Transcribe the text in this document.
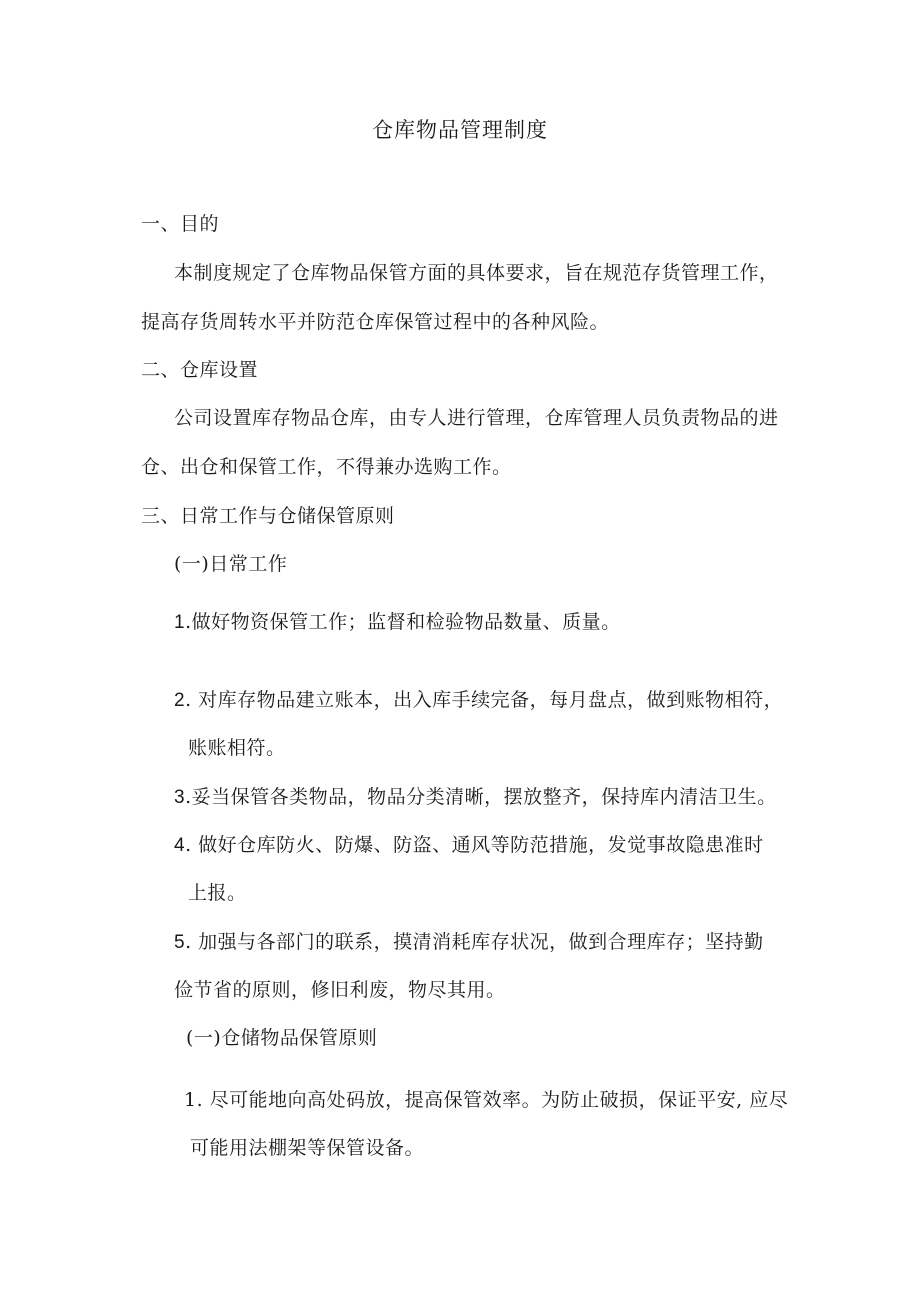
仓库物品管理制度
一、目的
本制度规定了仓库物品保管方面的具体要求，旨在规范存货管理工作，
提高存货周转水平并防范仓库保管过程中的各种风险。
二、仓库设置
公司设置库存物品仓库，由专人进行管理，仓库管理人员负责物品的进
仓、出仓和保管工作，不得兼办选购工作。
三、日常工作与仓储保管原则
(一)日常工作
1.做好物资保管工作；监督和检验物品数量、质量。
2. 对库存物品建立账本，出入库手续完备，每月盘点，做到账物相符，
账账相符。
3.妥当保管各类物品，物品分类清晰，摆放整齐，保持库内清洁卫生。
4. 做好仓库防火、防爆、防盗、通风等防范措施，发觉事故隐患准时
上报。
5. 加强与各部门的联系，摸清消耗库存状况，做到合理库存；坚持勤
俭节省的原则，修旧利废，物尽其用。
(一)仓储物品保管原则
1. 尽可能地向高处码放，提高保管效率。为防止破损，保证平安, 应尽
可能用法棚架等保管设备。
